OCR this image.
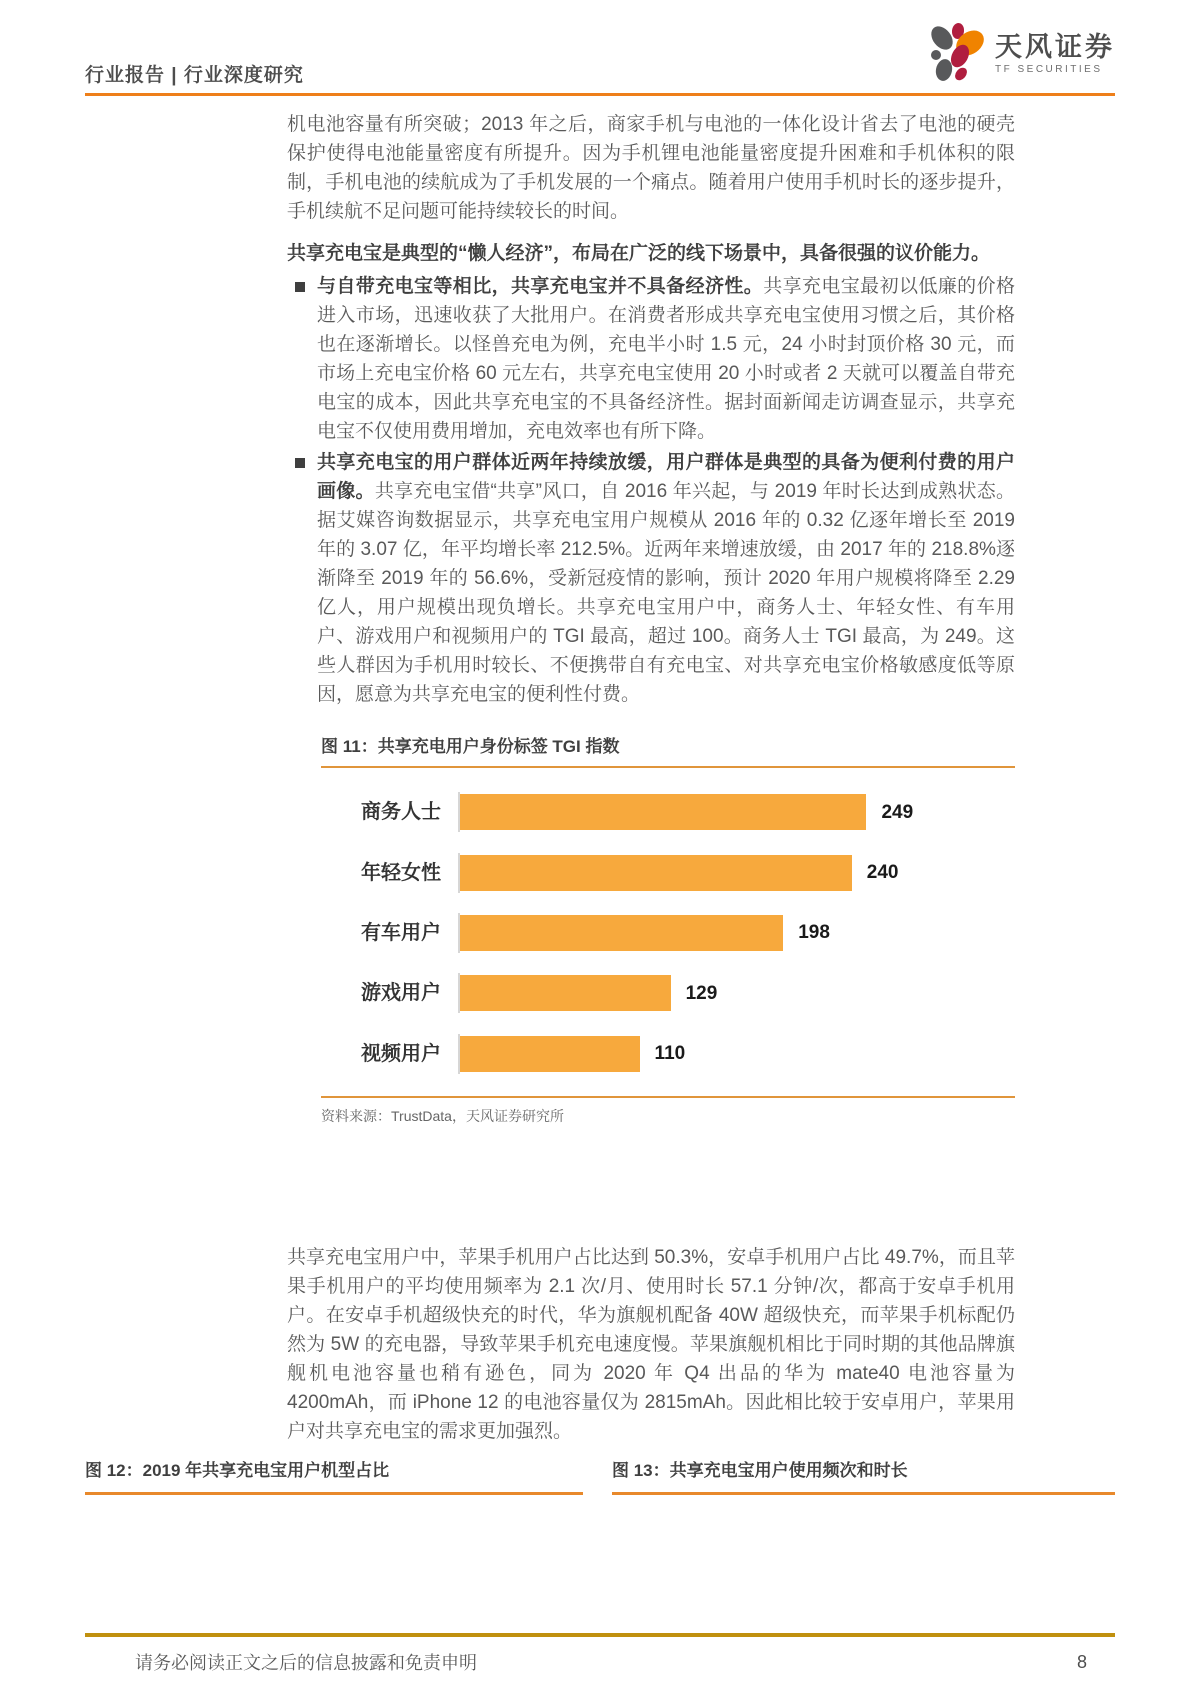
行业报告 | 行业深度研究
天风证券
TF SECURITIES

机电池容量有所突破；2013 年之后，商家手机与电池的一体化设计省去了电池的硬壳保护使得电池能量密度有所提升。因为手机锂电池能量密度提升困难和手机体积的限制，手机电池的续航成为了手机发展的一个痛点。随着用户使用手机时长的逐步提升，手机续航不足问题可能持续较长的时间。

共享充电宝是典型的“懒人经济”，布局在广泛的线下场景中，具备很强的议价能力。

与自带充电宝等相比，共享充电宝并不具备经济性。共享充电宝最初以低廉的价格进入市场，迅速收获了大批用户。在消费者形成共享充电宝使用习惯之后，其价格也在逐渐增长。以怪兽充电为例，充电半小时 1.5 元，24 小时封顶价格 30 元，而市场上充电宝价格 60 元左右，共享充电宝使用 20 小时或者 2 天就可以覆盖自带充电宝的成本，因此共享充电宝的不具备经济性。据封面新闻走访调查显示，共享充电宝不仅使用费用增加，充电效率也有所下降。
共享充电宝的用户群体近两年持续放缓，用户群体是典型的具备为便利付费的用户画像。共享充电宝借“共享”风口，自 2016 年兴起，与 2019 年时长达到成熟状态。据艾媒咨询数据显示，共享充电宝用户规模从 2016 年的 0.32 亿逐年增长至 2019 年的 3.07 亿，年平均增长率 212.5%。近两年来增速放缓，由 2017 年的 218.8%逐渐降至 2019 年的 56.6%，受新冠疫情的影响，预计 2020 年用户规模将降至 2.29 亿人，用户规模出现负增长。共享充电宝用户中，商务人士、年轻女性、有车用户、游戏用户和视频用户的 TGI 最高，超过 100。商务人士 TGI 最高，为 249。这些人群因为手机用时较长、不便携带自有充电宝、对共享充电宝价格敏感度低等原因，愿意为共享充电宝的便利性付费。
图 11：共享充电用户身份标签 TGI 指数
商务人士	249
年轻女性	240
有车用户	198
游戏用户	129
视频用户	110
资料来源：TrustData，天风证券研究所

共享充电宝用户中，苹果手机用户占比达到 50.3%，安卓手机用户占比 49.7%，而且苹果手机用户的平均使用频率为 2.1 次/月、使用时长 57.1 分钟/次，都高于安卓手机用户。在安卓手机超级快充的时代，华为旗舰机配备 40W 超级快充，而苹果手机标配仍然为 5W 的充电器，导致苹果手机充电速度慢。苹果旗舰机相比于同时期的其他品牌旗舰机电池容量也稍有逊色，同为 2020 年 Q4 出品的华为 mate40 电池容量为 4200mAh，而 iPhone 12 的电池容量仅为 2815mAh。因此相比较于安卓用户，苹果用户对共享充电宝的需求更加强烈。

图 12：2019 年共享充电宝用户机型占比	图 13：共享充电宝用户使用频次和时长
请务必阅读正文之后的信息披露和免责申明	8
